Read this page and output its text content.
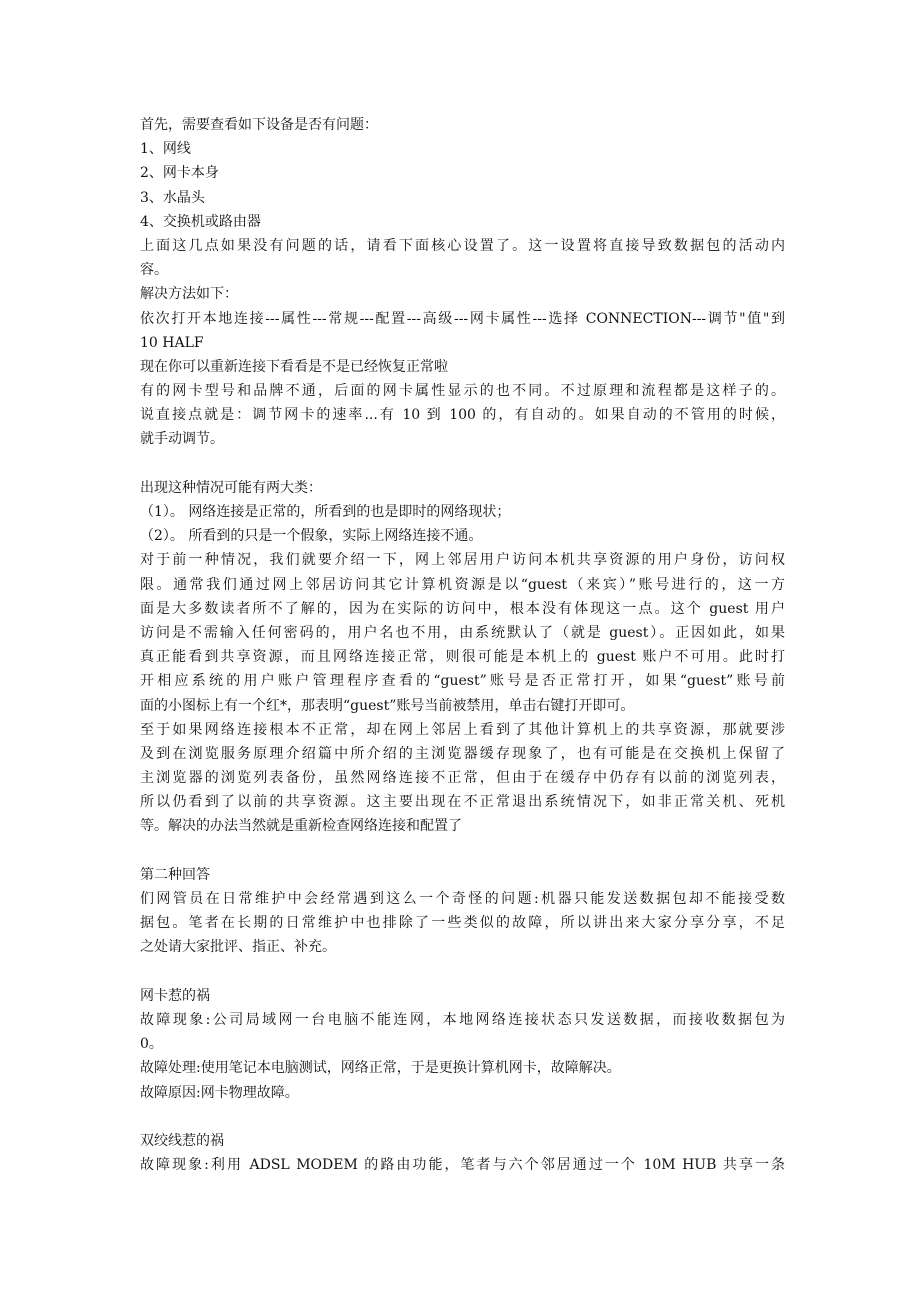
首先，需要查看如下设备是否有问题：
1、网线
2、网卡本身
3、水晶头
4、交换机或路由器
上面这几点如果没有问题的话，请看下面核心设置了。这一设置将直接导致数据包的活动内
容。
解决方法如下：
依次打开本地连接---属性---常规---配置---高级---网卡属性---选择 CONNECTION---调节"值"到
10 HALF
现在你可以重新连接下看看是不是已经恢复正常啦
有的网卡型号和品牌不通，后面的网卡属性显示的也不同。不过原理和流程都是这样子的。
说直接点就是：调节网卡的速率...有 10 到 100 的，有自动的。如果自动的不管用的时候，
就手动调节。
出现这种情况可能有两大类：
（1）。 网络连接是正常的，所看到的也是即时的网络现状；
（2）。 所看到的只是一个假象，实际上网络连接不通。
对于前一种情况，我们就要介绍一下，网上邻居用户访问本机共享资源的用户身份，访问权
限。通常我们通过网上邻居访问其它计算机资源是以“guest（来宾）”账号进行的，这一方
面是大多数读者所不了解的，因为在实际的访问中，根本没有体现这一点。这个 guest 用户
访问是不需输入任何密码的，用户名也不用，由系统默认了（就是 guest）。正因如此，如果
真正能看到共享资源，而且网络连接正常，则很可能是本机上的 guest 账户不可用。此时打
开相应系统的用户账户管理程序查看的“guest”账号是否正常打开，如果“guest”账号前
面的小图标上有一个红*，那表明“guest”账号当前被禁用，单击右键打开即可。
至于如果网络连接根本不正常，却在网上邻居上看到了其他计算机上的共享资源，那就要涉
及到在浏览服务原理介绍篇中所介绍的主浏览器缓存现象了，也有可能是在交换机上保留了
主浏览器的浏览列表备份，虽然网络连接不正常，但由于在缓存中仍存有以前的浏览列表，
所以仍看到了以前的共享资源。这主要出现在不正常退出系统情况下，如非正常关机、死机
等。解决的办法当然就是重新检查网络连接和配置了
第二种回答
们网管员在日常维护中会经常遇到这么一个奇怪的问题:机器只能发送数据包却不能接受数
据包。笔者在长期的日常维护中也排除了一些类似的故障，所以讲出来大家分享分享，不足
之处请大家批评、指正、补充。
网卡惹的祸
故障现象:公司局域网一台电脑不能连网，本地网络连接状态只发送数据，而接收数据包为
0。
故障处理:使用笔记本电脑测试，网络正常，于是更换计算机网卡，故障解决。
故障原因:网卡物理故障。
双绞线惹的祸
故障现象:利用 ADSL MODEM 的路由功能，笔者与六个邻居通过一个 10M HUB 共享一条
